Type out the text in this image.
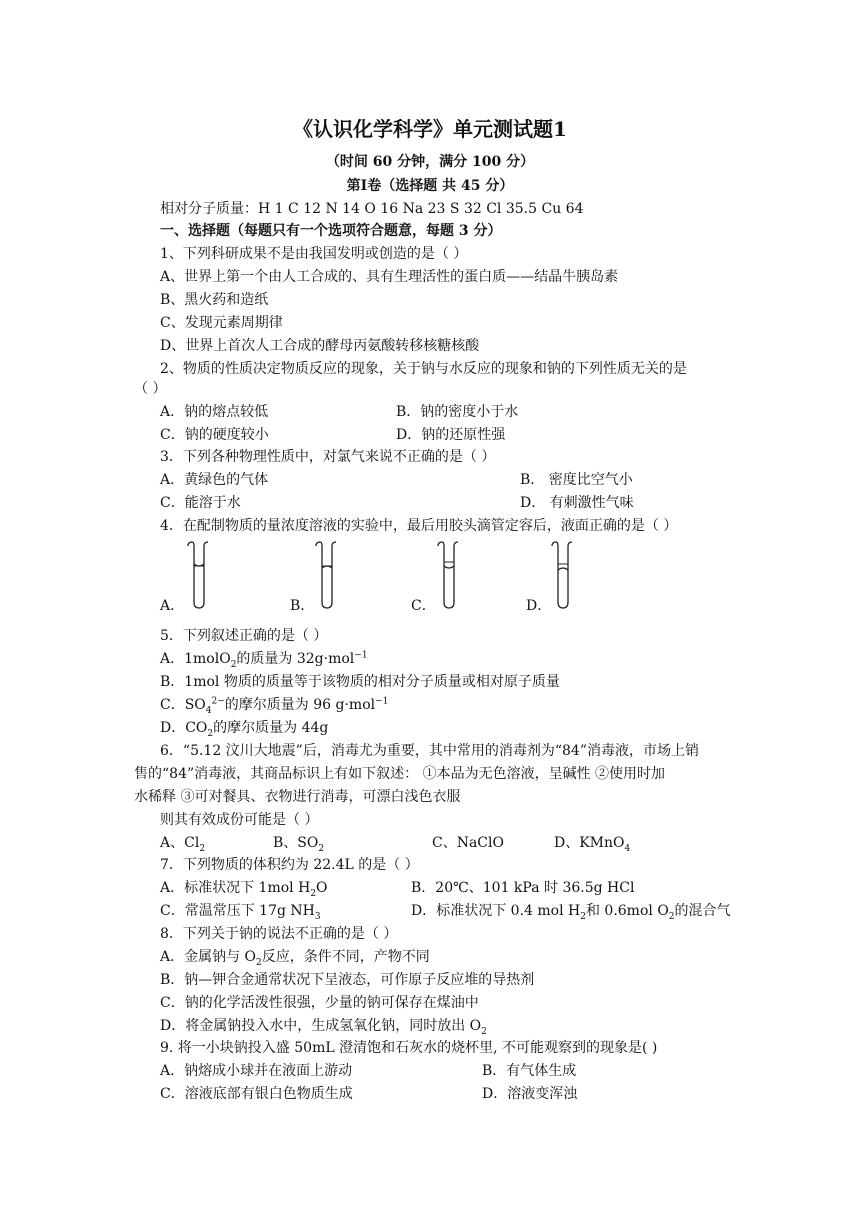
《认识化学科学》单元测试题1
（时间 60 分钟，满分 100 分）
第Ⅰ卷（选择题 共 45 分）
相对分子质量：H 1 C 12 N 14 O 16 Na 23 S 32 Cl 35.5 Cu 64
一、选择题（每题只有一个选项符合题意，每题 3 分）
1、下列科研成果不是由我国发明或创造的是（ ）
A、世界上第一个由人工合成的、具有生理活性的蛋白质——结晶牛胰岛素
B、黑火药和造纸
C、发现元素周期律
D、世界上首次人工合成的酵母丙氨酸转移核糖核酸
2、物质的性质决定物质反应的现象，关于钠与水反应的现象和钠的下列性质无关的是
（ ）
A．钠的熔点较低	B．钠的密度小于水
C．钠的硬度较小	D．钠的还原性强
3．下列各种物理性质中，对氯气来说不正确的是（ ）
A．黄绿色的气体	B． 密度比空气小
C．能溶于水	D． 有刺激性气味
4．在配制物质的量浓度溶液的实验中，最后用胶头滴管定容后，液面正确的是（ ）
A．	B．	C．	D．
5．下列叙述正确的是（ ）
A．1molO$_2$的质量为 32g·mol$^{-1}$
B．1mol 物质的质量等于该物质的相对分子质量或相对原子质量
C．$SO_4^{2-}$的摩尔质量为 96 g·mol$^{-1}$
D．$CO_2$的摩尔质量为 44g
6．“5.12 汶川大地震”后，消毒尤为重要，其中常用的消毒剂为“84”消毒液，市场上销
售的“84”消毒液，其商品标识上有如下叙述： ①本品为无色溶液，呈碱性 ②使用时加
水稀释 ③可对餐具、衣物进行消毒，可漂白浅色衣服
则其有效成份可能是（ ）
A、$Cl_2$	B、$SO_2$	C、NaClO	D、KMnO$_4$
7．下列物质的体积约为 22.4L 的是（ ）
A．标准状况下 1mol $H_2O$	B．20℃、101 kPa 时 36.5g HCl
C．常温常压下 17g $NH_3$	D．标准状况下 0.4 mol $H_2$和 0.6mol $O_2$的混合气
8．下列关于钠的说法不正确的是（ ）
A．金属钠与 $O_2$反应，条件不同，产物不同
B．钠—钾合金通常状况下呈液态，可作原子反应堆的导热剂
C．钠的化学活泼性很强，少量的钠可保存在煤油中
D．将金属钠投入水中，生成氢氧化钠，同时放出 $O_2$
9. 将一小块钠投入盛 50mL 澄清饱和石灰水的烧杯里, 不可能观察到的现象是( )
A．钠熔成小球并在液面上游动	B．有气体生成
C．溶液底部有银白色物质生成	D．溶液变浑浊
